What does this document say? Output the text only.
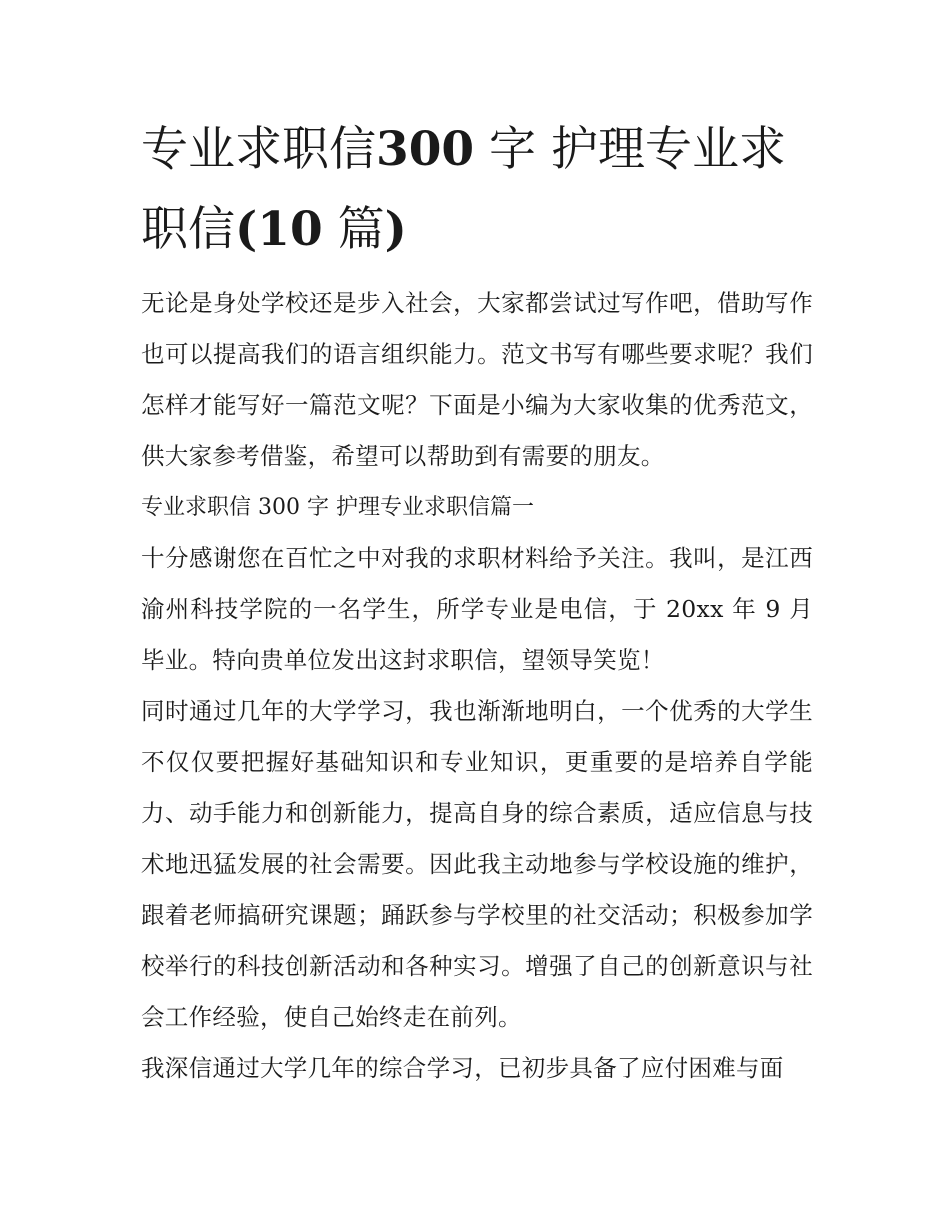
专业求职信300 字 护理专业求职信(10 篇)

无论是身处学校还是步入社会，大家都尝试过写作吧，借助写作也可以提高我们的语言组织能力。范文书写有哪些要求呢？我们怎样才能写好一篇范文呢？下面是小编为大家收集的优秀范文，供大家参考借鉴，希望可以帮助到有需要的朋友。

专业求职信 300 字 护理专业求职信篇一

十分感谢您在百忙之中对我的求职材料给予关注。我叫，是江西渝州科技学院的一名学生，所学专业是电信，于 20xx 年 9 月毕业。特向贵单位发出这封求职信，望领导笑览！

同时通过几年的大学学习，我也渐渐地明白，一个优秀的大学生不仅仅要把握好基础知识和专业知识，更重要的是培养自学能力、动手能力和创新能力，提高自身的综合素质，适应信息与技术地迅猛发展的社会需要。因此我主动地参与学校设施的维护，跟着老师搞研究课题；踊跃参与学校里的社交活动；积极参加学校举行的科技创新活动和各种实习。增强了自己的创新意识与社会工作经验，使自己始终走在前列。

我深信通过大学几年的综合学习，已初步具备了应付困难与面
